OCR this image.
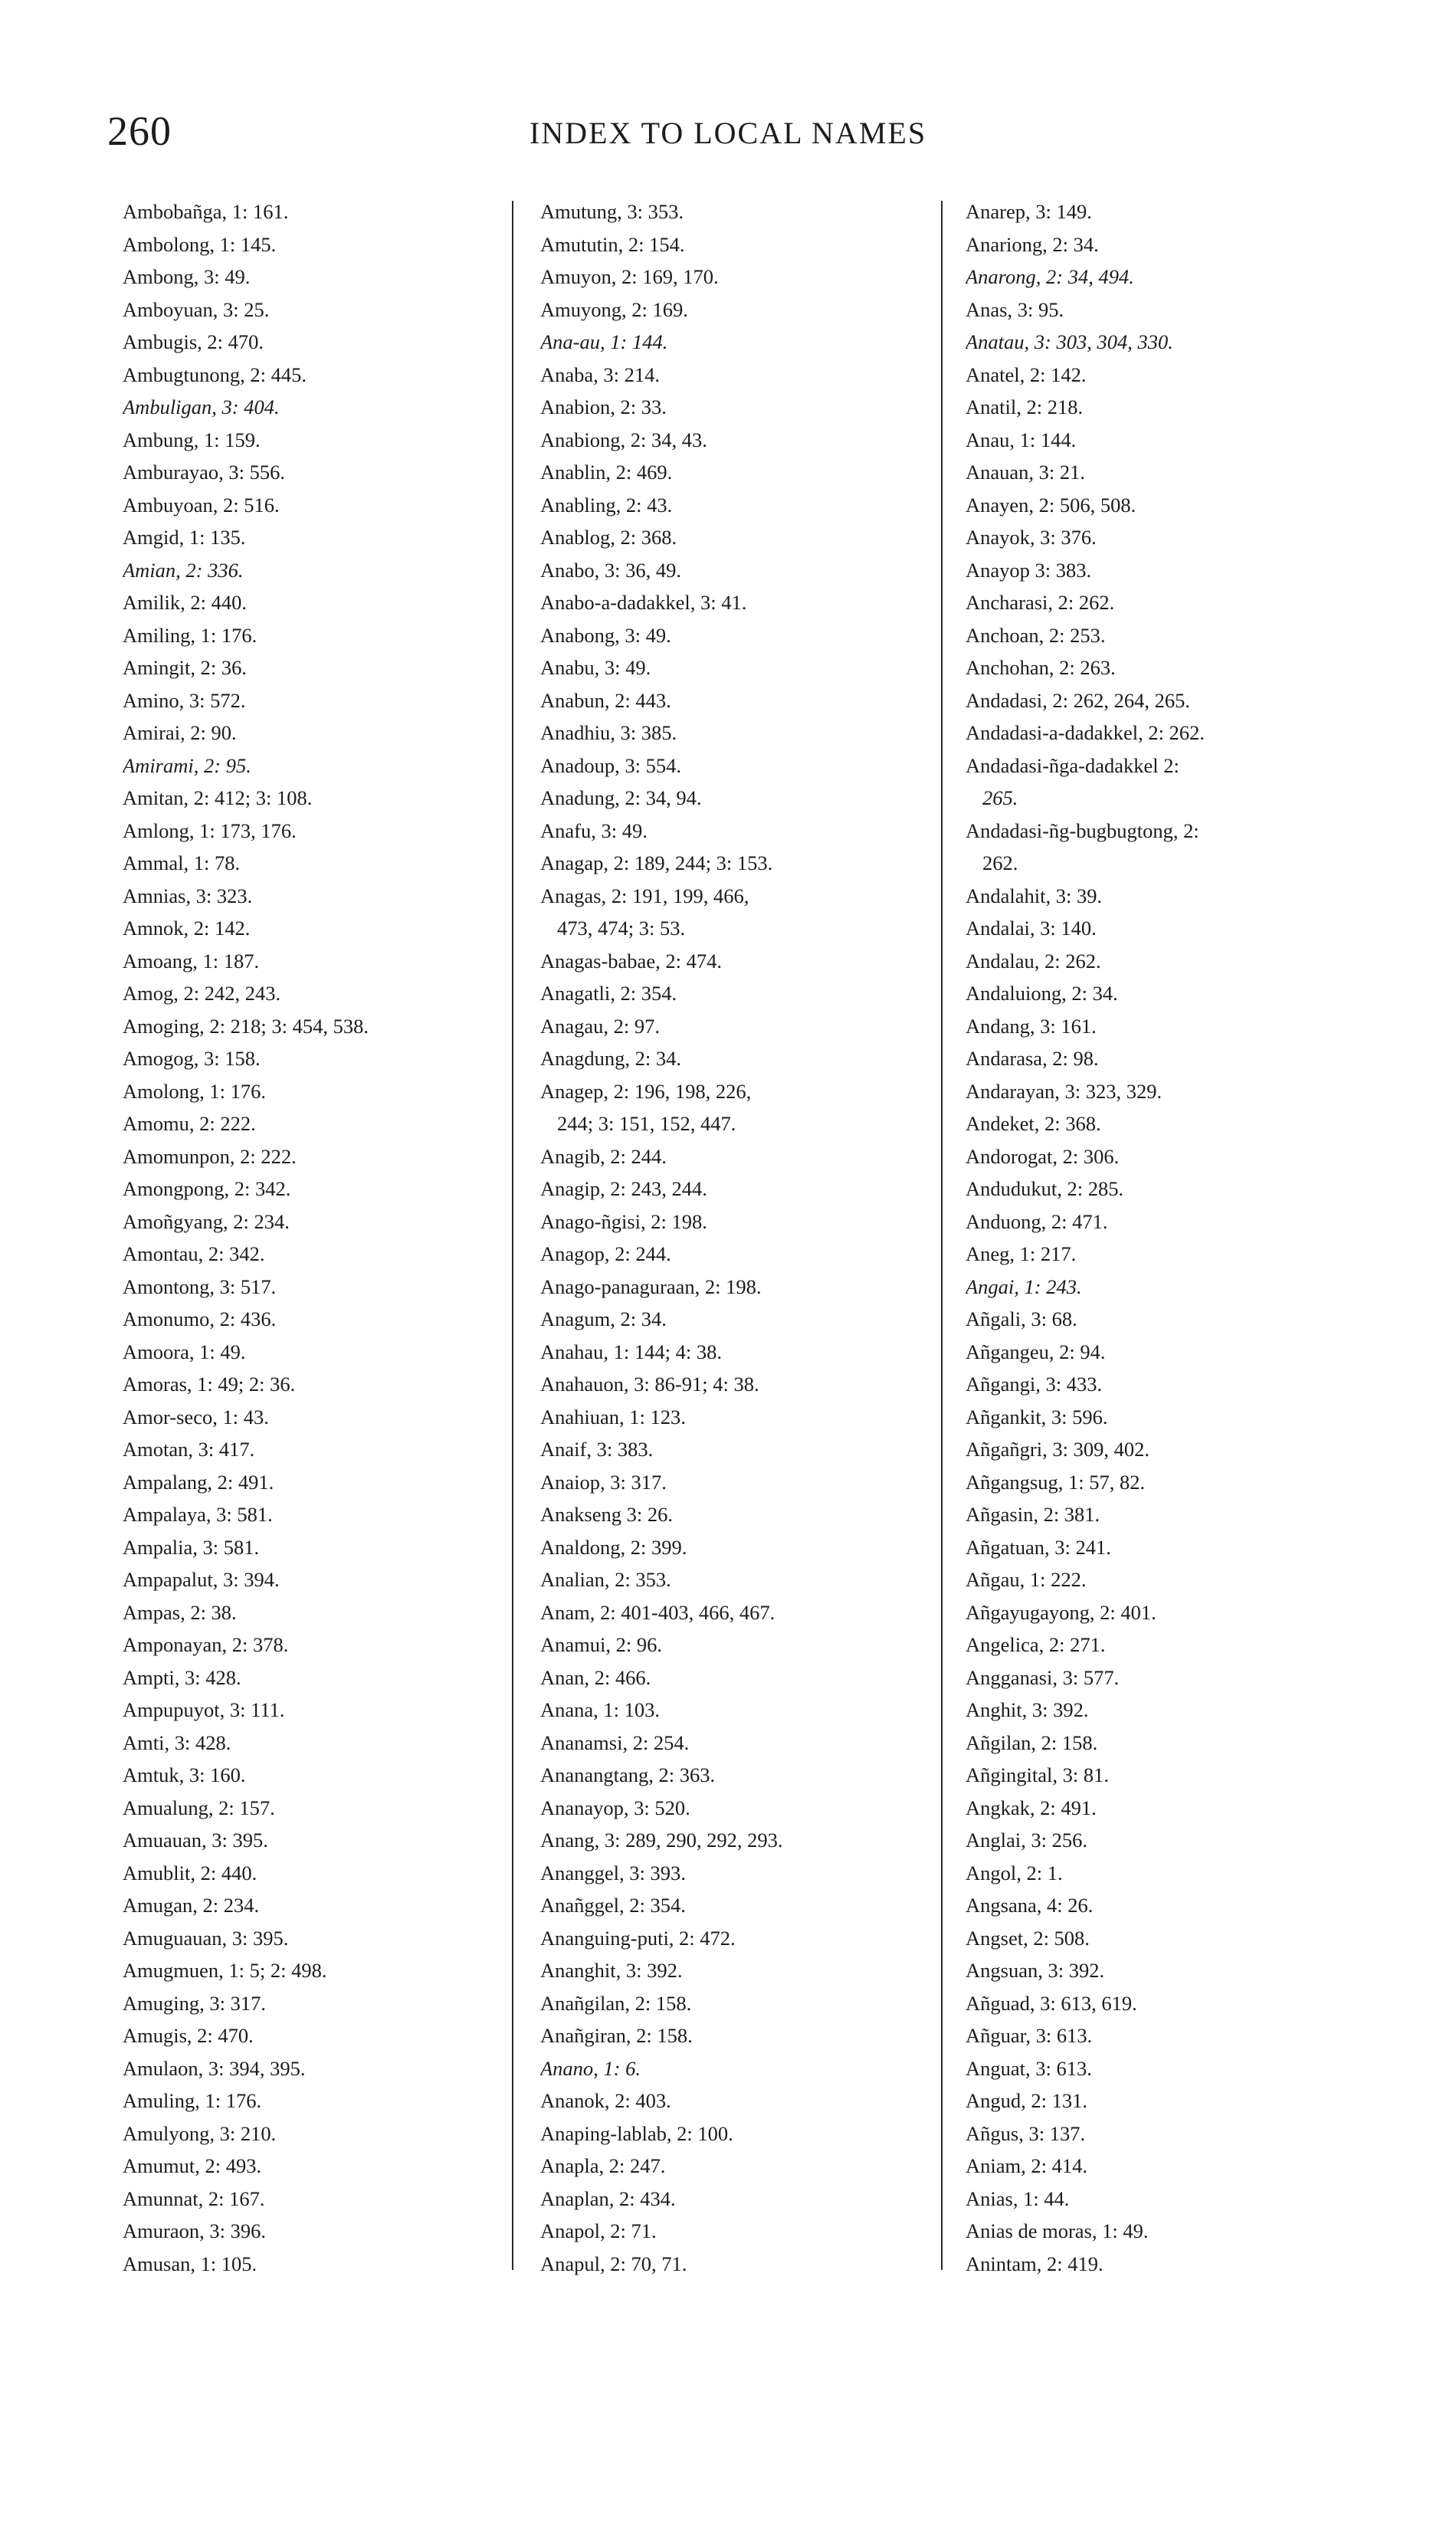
260	INDEX TO LOCAL NAMES
Ambobañga, 1: 161.
Ambolong, 1: 145.
Ambong, 3: 49.
Amboyuan, 3: 25.
Ambugis, 2: 470.
Ambugtunong, 2: 445.
Ambuligan, 3: 404.
Ambung, 1: 159.
Amburayao, 3: 556.
Ambuyoan, 2: 516.
Amgid, 1: 135.
Amian, 2: 336.
Amilik, 2: 440.
Amiling, 1: 176.
Amingit, 2: 36.
Amino, 3: 572.
Amirai, 2: 90.
Amirami, 2: 95.
Amitan, 2: 412; 3: 108.
Amlong, 1: 173, 176.
Ammal, 1: 78.
Amnias, 3: 323.
Amnok, 2: 142.
Amoang, 1: 187.
Amog, 2: 242, 243.
Amoging, 2: 218; 3: 454, 538.
Amogog, 3: 158.
Amolong, 1: 176.
Amomu, 2: 222.
Amomunpon, 2: 222.
Amongpong, 2: 342.
Amoñgyang, 2: 234.
Amontau, 2: 342.
Amontong, 3: 517.
Amonumo, 2: 436.
Amoora, 1: 49.
Amoras, 1: 49; 2: 36.
Amor-seco, 1: 43.
Amotan, 3: 417.
Ampalang, 2: 491.
Ampalaya, 3: 581.
Ampalia, 3: 581.
Ampapalut, 3: 394.
Ampas, 2: 38.
Amponayan, 2: 378.
Ampti, 3: 428.
Ampupuyot, 3: 111.
Amti, 3: 428.
Amtuk, 3: 160.
Amualung, 2: 157.
Amuauan, 3: 395.
Amublit, 2: 440.
Amugan, 2: 234.
Amuguauan, 3: 395.
Amugmuen, 1: 5; 2: 498.
Amuging, 3: 317.
Amugis, 2: 470.
Amulaon, 3: 394, 395.
Amuling, 1: 176.
Amulyong, 3: 210.
Amumut, 2: 493.
Amunnat, 2: 167.
Amuraon, 3: 396.
Amusan, 1: 105.
Amutung, 3: 353.
Amututin, 2: 154.
Amuyon, 2: 169, 170.
Amuyong, 2: 169.
Ana-au, 1: 144.
Anaba, 3: 214.
Anabion, 2: 33.
Anabiong, 2: 34, 43.
Anablin, 2: 469.
Anabling, 2: 43.
Anablog, 2: 368.
Anabo, 3: 36, 49.
Anabo-a-dadakkel, 3: 41.
Anabong, 3: 49.
Anabu, 3: 49.
Anabun, 2: 443.
Anadhiu, 3: 385.
Anadoup, 3: 554.
Anadung, 2: 34, 94.
Anafu, 3: 49.
Anagap, 2: 189, 244; 3: 153.
Anagas, 2: 191, 199, 466,
473, 474; 3: 53.
Anagas-babae, 2: 474.
Anagatli, 2: 354.
Anagau, 2: 97.
Anagdung, 2: 34.
Anagep, 2: 196, 198, 226,
244; 3: 151, 152, 447.
Anagib, 2: 244.
Anagip, 2: 243, 244.
Anago-ñgisi, 2: 198.
Anagop, 2: 244.
Anago-panaguraan, 2: 198.
Anagum, 2: 34.
Anahau, 1: 144; 4: 38.
Anahauon, 3: 86-91; 4: 38.
Anahiuan, 1: 123.
Anaif, 3: 383.
Anaiop, 3: 317.
Anakseng 3: 26.
Analdong, 2: 399.
Analian, 2: 353.
Anam, 2: 401-403, 466, 467.
Anamui, 2: 96.
Anan, 2: 466.
Anana, 1: 103.
Ananamsi, 2: 254.
Ananangtang, 2: 363.
Ananayop, 3: 520.
Anang, 3: 289, 290, 292, 293.
Ananggel, 3: 393.
Anañggel, 2: 354.
Ananguing-puti, 2: 472.
Ananghit, 3: 392.
Anañgilan, 2: 158.
Anañgiran, 2: 158.
Anano, 1: 6.
Ananok, 2: 403.
Anaping-lablab, 2: 100.
Anapla, 2: 247.
Anaplan, 2: 434.
Anapol, 2: 71.
Anapul, 2: 70, 71.
Anarep, 3: 149.
Anariong, 2: 34.
Anarong, 2: 34, 494.
Anas, 3: 95.
Anatau, 3: 303, 304, 330.
Anatel, 2: 142.
Anatil, 2: 218.
Anau, 1: 144.
Anauan, 3: 21.
Anayen, 2: 506, 508.
Anayok, 3: 376.
Anayop 3: 383.
Ancharasi, 2: 262.
Anchoan, 2: 253.
Anchohan, 2: 263.
Andadasi, 2: 262, 264, 265.
Andadasi-a-dadakkel, 2: 262.
Andadasi-ñga-dadakkel 2:
265.
Andadasi-ñg-bugbugtong, 2:
262.
Andalahit, 3: 39.
Andalai, 3: 140.
Andalau, 2: 262.
Andaluiong, 2: 34.
Andang, 3: 161.
Andarasa, 2: 98.
Andarayan, 3: 323, 329.
Andeket, 2: 368.
Andorogat, 2: 306.
Andudukut, 2: 285.
Anduong, 2: 471.
Aneg, 1: 217.
Angai, 1: 243.
Añgali, 3: 68.
Añgangeu, 2: 94.
Añgangi, 3: 433.
Añgankit, 3: 596.
Añgañgri, 3: 309, 402.
Añgangsug, 1: 57, 82.
Añgasin, 2: 381.
Añgatuan, 3: 241.
Añgau, 1: 222.
Añgayugayong, 2: 401.
Angelica, 2: 271.
Angganasi, 3: 577.
Anghit, 3: 392.
Añgilan, 2: 158.
Añgingital, 3: 81.
Angkak, 2: 491.
Anglai, 3: 256.
Angol, 2: 1.
Angsana, 4: 26.
Angset, 2: 508.
Angsuan, 3: 392.
Añguad, 3: 613, 619.
Añguar, 3: 613.
Anguat, 3: 613.
Angud, 2: 131.
Añgus, 3: 137.
Aniam, 2: 414.
Anias, 1: 44.
Anias de moras, 1: 49.
Anintam, 2: 419.
